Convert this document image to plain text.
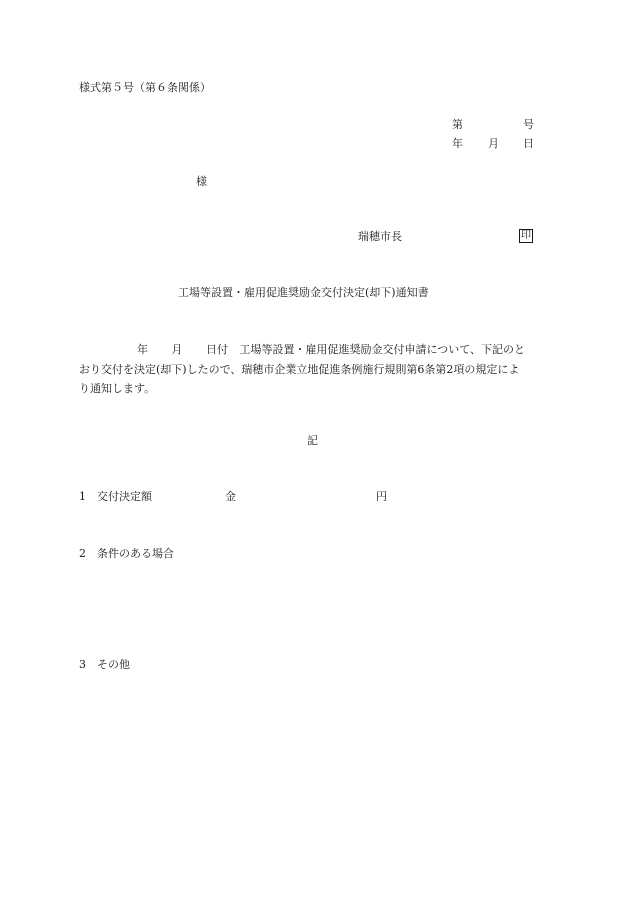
様式第５号（第６条関係）
第	号
年 月 日
様
瑞穂市長	印
工場等設置・雇用促進奨励金交付決定(却下)通知書
年 月 日付 工場等設置・雇用促進奨励金交付申請について、下記のと
おり交付を決定(却下)したので、瑞穂市企業立地促進条例施行規則第6条第2項の規定によ
り通知します。
記
1 交付決定額	金	円
2 条件のある場合
3 その他
